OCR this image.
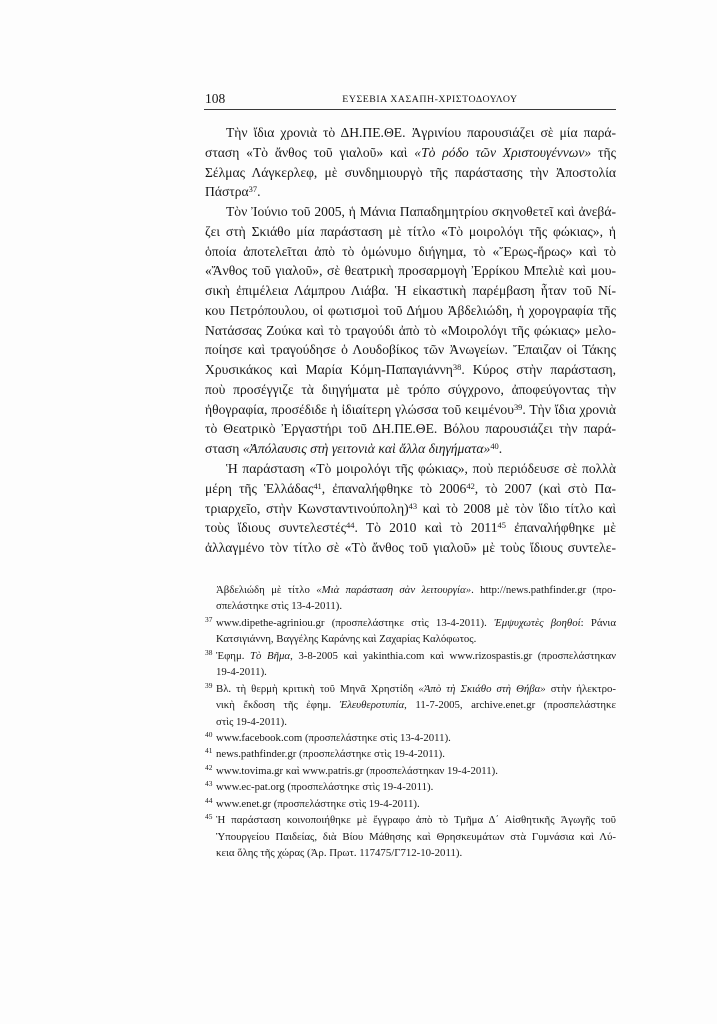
108	ΕΥΣΕΒΙΑ ΧΑΣΑΠΗ-ΧΡΙΣΤΟΔΟΥΛΟΥ
Τὴν ἴδια χρονιὰ τὸ ΔΗ.ΠΕ.ΘΕ. Ἀγρινίου παρουσιάζει σὲ μία παρά-
σταση «Τὸ ἄνθος τοῦ γιαλοῦ» καὶ «Τὸ ρόδο τῶν Χριστουγέννων» τῆς
Σέλμας Λάγκερλεφ, μὲ συνδημιουργὸ τῆς παράστασης τὴν Ἀποστολία
Πάστρα$^{37}$.
Τὸν Ἰούνιο τοῦ 2005, ἡ Μάνια Παπαδημητρίου σκηνοθετεῖ καὶ ἀνεβά-
ζει στὴ Σκιάθο μία παράσταση μὲ τίτλο «Τὸ μοιρολόγι τῆς φώκιας», ἡ
ὁποία ἀποτελεῖται ἀπὸ τὸ ὁμώνυμο διήγημα, τὸ «Ἔρως-ἥρως» καὶ τὸ
«Ἄνθος τοῦ γιαλοῦ», σὲ θεατρικὴ προσαρμογὴ Ἐρρίκου Μπελιὲ καὶ μου-
σικὴ ἐπιμέλεια Λάμπρου Λιάβα. Ἡ εἰκαστικὴ παρέμβαση ἦταν τοῦ Νί-
κου Πετρόπουλου, οἱ φωτισμοὶ τοῦ Δήμου Ἀβδελιώδη, ἡ χορογραφία τῆς
Νατάσσας Ζούκα καὶ τὸ τραγούδι ἀπὸ τὸ «Μοιρολόγι τῆς φώκιας» μελο-
ποίησε καὶ τραγούδησε ὁ Λουδοβίκος τῶν Ἀνωγείων. Ἔπαιζαν οἱ Τάκης
Χρυσικάκος καὶ Μαρία Κόμη-Παπαγιάννη$^{38}$. Κύρος στὴν παράσταση,
ποὺ προσέγγιζε τὰ διηγήματα μὲ τρόπο σύγχρονο, ἀποφεύγοντας τὴν
ἠθογραφία, προσέδιδε ἡ ἰδιαίτερη γλώσσα τοῦ κειμένου$^{39}$. Τὴν ἴδια χρονιὰ
τὸ Θεατρικὸ Ἐργαστήρι τοῦ ΔΗ.ΠΕ.ΘΕ. Βόλου παρουσιάζει τὴν παρά-
σταση «Ἀπόλαυσις στὴ γειτονιὰ καὶ ἄλλα διηγήματα»$^{40}$.
Ἡ παράσταση «Τὸ μοιρολόγι τῆς φώκιας», ποὺ περιόδευσε σὲ πολλὰ
μέρη τῆς Ἑλλάδας$^{41}$, ἐπαναλήφθηκε τὸ 2006$^{42}$, τὸ 2007 (καὶ στὸ Πα-
τριαρχεῖο, στὴν Κωνσταντινούπολη)$^{43}$ καὶ τὸ 2008 μὲ τὸν ἴδιο τίτλο καὶ
τοὺς ἴδιους συντελεστές$^{44}$. Τὸ 2010 καὶ τὸ 2011$^{45}$ ἐπαναλήφθηκε μὲ
ἀλλαγμένο τὸν τίτλο σὲ «Τὸ ἄνθος τοῦ γιαλοῦ» μὲ τοὺς ἴδιους συντελε-
Ἀβδελιώδη μὲ τίτλο «Μιὰ παράσταση σὰν λειτουργία». http://news.pathfinder.gr (προ-
σπελάστηκε στὶς 13-4-2011).
37 www.dipethe-agriniou.gr (προσπελάστηκε στὶς 13-4-2011). Ἐμψυχωτὲς βοηθοί: Ράνια
Κατσιγιάννη, Βαγγέλης Καράνης καὶ Ζαχαρίας Καλόφωτος.
38 Ἐφημ. Τὸ Βῆμα, 3-8-2005 καὶ yakinthia.com καὶ www.rizospastis.gr (προσπελάστηκαν
19-4-2011).
39 Βλ. τὴ θερμὴ κριτικὴ τοῦ Μηνᾶ Χρηστίδη «Ἀπὸ τὴ Σκιάθο στὴ Θήβα» στὴν ἠλεκτρο-
νικὴ ἔκδοση τῆς ἐφημ. Ἐλευθεροτυπία, 11-7-2005, archive.enet.gr (προσπελάστηκε
στὶς 19-4-2011).
40 www.facebook.com (προσπελάστηκε στὶς 13-4-2011).
41 news.pathfinder.gr (προσπελάστηκε στὶς 19-4-2011).
42 www.tovima.gr καὶ www.patris.gr (προσπελάστηκαν 19-4-2011).
43 www.ec-pat.org (προσπελάστηκε στὶς 19-4-2011).
44 www.enet.gr (προσπελάστηκε στὶς 19-4-2011).
45 Ἡ παράσταση κοινοποιήθηκε μὲ ἔγγραφο ἀπὸ τὸ Τμῆμα Δ΄ Αἰσθητικῆς Ἀγωγῆς τοῦ
Ὑπουργείου Παιδείας, διὰ Βίου Μάθησης καὶ Θρησκευμάτων στὰ Γυμνάσια καὶ Λύ-
κεια ὅλης τῆς χώρας (Ἀρ. Πρωτ. 117475/Γ712-10-2011).
